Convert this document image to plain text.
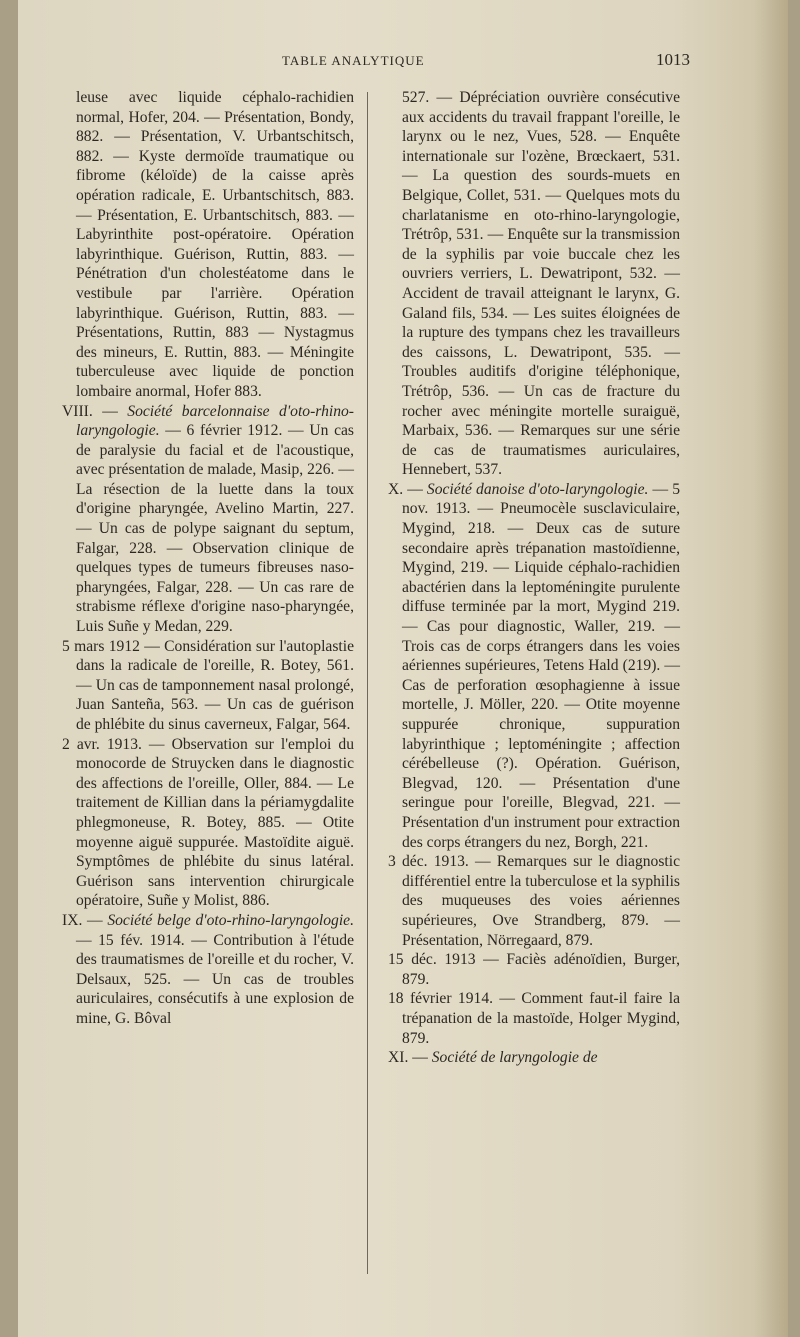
TABLE ANALYTIQUE	1013

leuse avec liquide céphalo-rachidien normal, Hofer, 204. — Présentation, Bondy, 882. — Présentation, V. Urbantschitsch, 882. — Kyste dermoïde traumatique ou fibrome (kéloïde) de la caisse après opération radicale, E. Urbantschitsch, 883. — Présentation, E. Urbantschitsch, 883. — Labyrinthite post-opératoire. Opération labyrinthique. Guérison, Ruttin, 883. — Pénétration d'un cholestéatome dans le vestibule par l'arrière. Opération labyrinthique. Guérison, Ruttin, 883. — Présentations, Ruttin, 883 — Nystagmus des mineurs, E. Ruttin, 883. — Méningite tuberculeuse avec liquide de ponction lombaire anormal, Hofer 883.

VIII. — Société barcelonnaise d'oto-rhino-laryngologie. — 6 février 1912. — Un cas de paralysie du facial et de l'acoustique, avec présentation de malade, Masip, 226. — La résection de la luette dans la toux d'origine pharyngée, Avelino Martin, 227. — Un cas de polype saignant du septum, Falgar, 228. — Observation clinique de quelques types de tumeurs fibreuses naso-pharyngées, Falgar, 228. — Un cas rare de strabisme réflexe d'origine naso-pharyngée, Luis Suñe y Medan, 229.

5 mars 1912 — Considération sur l'autoplastie dans la radicale de l'oreille, R. Botey, 561. — Un cas de tamponnement nasal prolongé, Juan Santeña, 563. — Un cas de guérison de phlébite du sinus caverneux, Falgar, 564.

2 avr. 1913. — Observation sur l'emploi du monocorde de Struycken dans le diagnostic des affections de l'oreille, Oller, 884. — Le traitement de Killian dans la périamygdalite phlegmoneuse, R. Botey, 885. — Otite moyenne aiguë suppurée. Mastoïdite aiguë. Symptômes de phlébite du sinus latéral. Guérison sans intervention chirurgicale opératoire, Suñe y Molist, 886.

IX. — Société belge d'oto-rhino-laryngologie. — 15 fév. 1914. — Contribution à l'étude des traumatismes de l'oreille et du rocher, V. Delsaux, 525. — Un cas de troubles auriculaires, consécutifs à une explosion de mine, G. Bôval

527. — Dépréciation ouvrière consécutive aux accidents du travail frappant l'oreille, le larynx ou le nez, Vues, 528. — Enquête internationale sur l'ozène, Brœckaert, 531. — La question des sourds-muets en Belgique, Collet, 531. — Quelques mots du charlatanisme en oto-rhino-laryngologie, Trétrôp, 531. — Enquête sur la transmission de la syphilis par voie buccale chez les ouvriers verriers, L. Dewatripont, 532. — Accident de travail atteignant le larynx, G. Galand fils, 534. — Les suites éloignées de la rupture des tympans chez les travailleurs des caissons, L. Dewatripont, 535. — Troubles auditifs d'origine téléphonique, Trétrôp, 536. — Un cas de fracture du rocher avec méningite mortelle suraiguë, Marbaix, 536. — Remarques sur une série de cas de traumatismes auriculaires, Hennebert, 537.

X. — Société danoise d'oto-laryngologie. — 5 nov. 1913. — Pneumocèle susclaviculaire, Mygind, 218. — Deux cas de suture secondaire après trépanation mastoïdienne, Mygind, 219. — Liquide céphalo-rachidien abactérien dans la leptoméningite purulente diffuse terminée par la mort, Mygind 219. — Cas pour diagnostic, Waller, 219. — Trois cas de corps étrangers dans les voies aériennes supérieures, Tetens Hald (219). — Cas de perforation œsophagienne à issue mortelle, J. Möller, 220. — Otite moyenne suppurée chronique, suppuration labyrinthique ; leptoméningite ; affection cérébelleuse (?). Opération. Guérison, Blegvad, 120. — Présentation d'une seringue pour l'oreille, Blegvad, 221. — Présentation d'un instrument pour extraction des corps étrangers du nez, Borgh, 221.

3 déc. 1913. — Remarques sur le diagnostic différentiel entre la tuberculose et la syphilis des muqueuses des voies aériennes supérieures, Ove Strandberg, 879. — Présentation, Nörregaard, 879.

15 déc. 1913 — Faciès adénoïdien, Burger, 879.

18 février 1914. — Comment faut-il faire la trépanation de la mastoïde, Holger Mygind, 879.

XI. — Société de laryngologie de
